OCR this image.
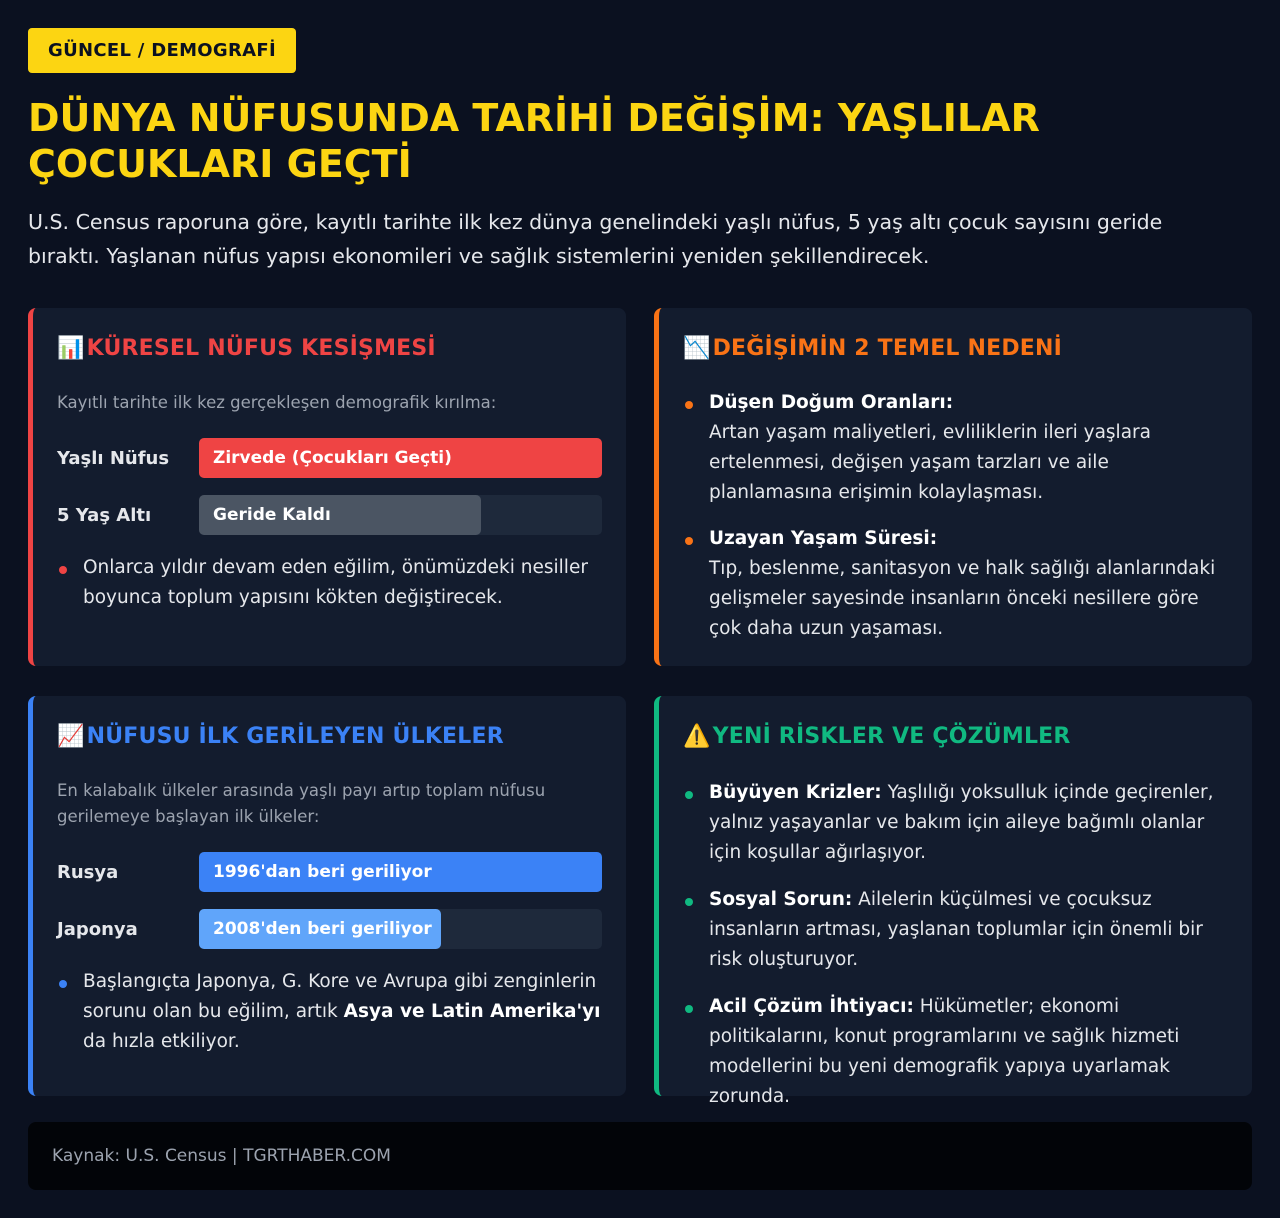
GÜNCEL / DEMOGRAFİ
DÜNYA NÜFUSUNDA TARİHİ DEĞİŞİM: YAŞLILAR ÇOCUKLARI GEÇTİ

U.S. Census raporuna göre, kayıtlı tarihte ilk kez dünya genelindeki yaşlı nüfus, 5 yaş altı çocuk sayısını geride bıraktı. Yaşlanan nüfus yapısı ekonomileri ve sağlık sistemlerini yeniden şekillendirecek.

📊 KÜRESEL NÜFUS KESİŞMESİ

Kayıtlı tarihte ilk kez gerçekleşen demografik kırılma:

Yaşlı Nüfus	Zirvede (Çocukları Geçti)
5 Yaş Altı	Geride Kaldı
Onlarca yıldır devam eden eğilim, önümüzdeki nesiller boyunca toplum yapısını kökten değiştirecek.
📉 DEĞİŞİMİN 2 TEMEL NEDENİ
Düşen Doğum Oranları:
Artan yaşam maliyetleri, evliliklerin ileri yaşlara ertelenmesi, değişen yaşam tarzları ve aile planlamasına erişimin kolaylaşması.
Uzayan Yaşam Süresi:
Tıp, beslenme, sanitasyon ve halk sağlığı alanlarındaki gelişmeler sayesinde insanların önceki nesillere göre çok daha uzun yaşaması.
📈 NÜFUSU İLK GERİLEYEN ÜLKELER

En kalabalık ülkeler arasında yaşlı payı artıp toplam nüfusu gerilemeye başlayan ilk ülkeler:

Rusya	1996'dan beri geriliyor
Japonya	2008'den beri geriliyor
Başlangıçta Japonya, G. Kore ve Avrupa gibi zenginlerin sorunu olan bu eğilim, artık Asya ve Latin Amerika'yı da hızla etkiliyor.
⚠️ YENİ RİSKLER VE ÇÖZÜMLER
Büyüyen Krizler: Yaşlılığı yoksulluk içinde geçirenler, yalnız yaşayanlar ve bakım için aileye bağımlı olanlar için koşullar ağırlaşıyor.
Sosyal Sorun: Ailelerin küçülmesi ve çocuksuz insanların artması, yaşlanan toplumlar için önemli bir risk oluşturuyor.
Acil Çözüm İhtiyacı: Hükümetler; ekonomi politikalarını, konut programlarını ve sağlık hizmeti modellerini bu yeni demografik yapıya uyarlamak zorunda.
Kaynak: U.S. Census | TGRTHABER.COM
